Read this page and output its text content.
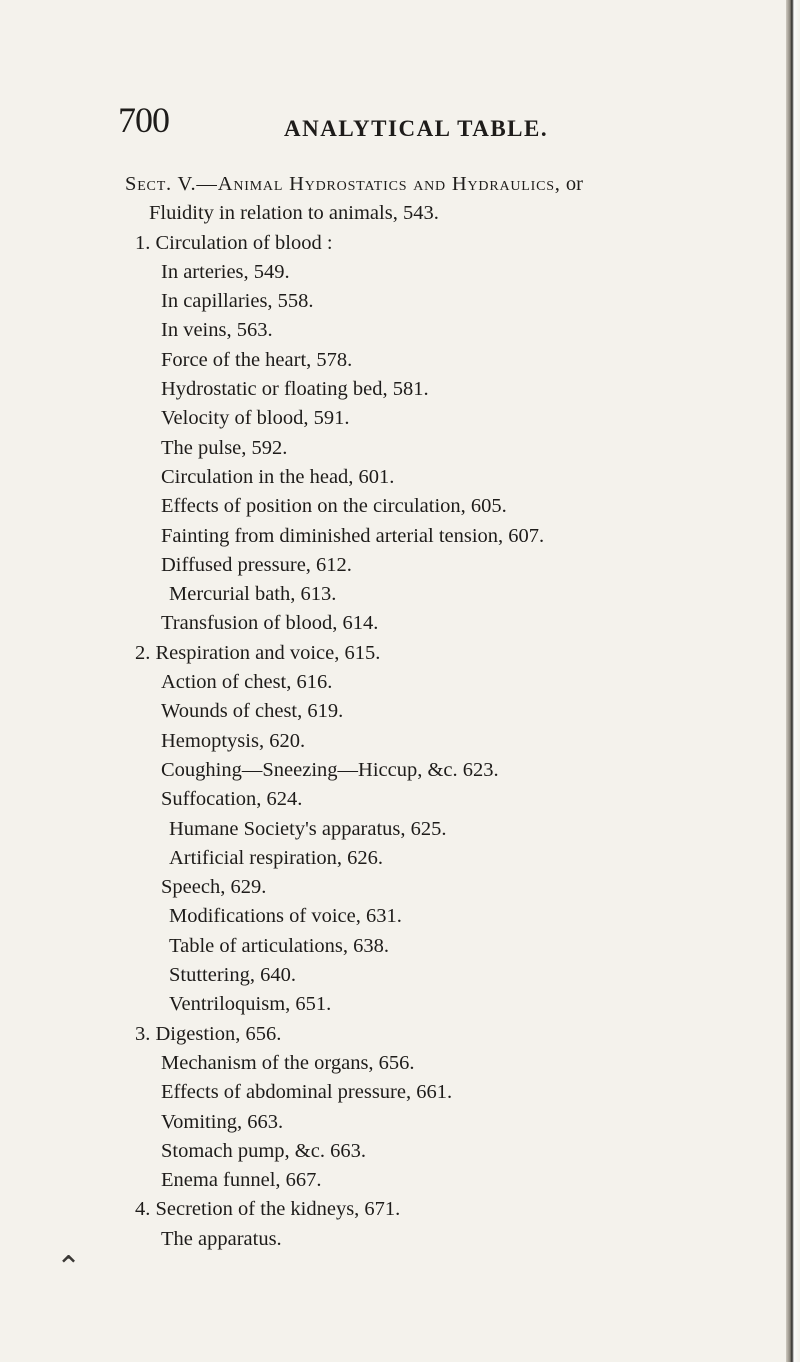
700	ANALYTICAL TABLE.
Sect. V.—Animal Hydrostatics and Hydraulics, or
Fluidity in relation to animals, 543.
1. Circulation of blood :
In arteries, 549.
In capillaries, 558.
In veins, 563.
Force of the heart, 578.
Hydrostatic or floating bed, 581.
Velocity of blood, 591.
The pulse, 592.
Circulation in the head, 601.
Effects of position on the circulation, 605.
Fainting from diminished arterial tension, 607.
Diffused pressure, 612.
Mercurial bath, 613.
Transfusion of blood, 614.
2. Respiration and voice, 615.
Action of chest, 616.
Wounds of chest, 619.
Hemoptysis, 620.
Coughing—Sneezing—Hiccup, &c. 623.
Suffocation, 624.
Humane Society's apparatus, 625.
Artificial respiration, 626.
Speech, 629.
Modifications of voice, 631.
Table of articulations, 638.
Stuttering, 640.
Ventriloquism, 651.
3. Digestion, 656.
Mechanism of the organs, 656.
Effects of abdominal pressure, 661.
Vomiting, 663.
Stomach pump, &c. 663.
Enema funnel, 667.
4. Secretion of the kidneys, 671.
The apparatus.
⌃
